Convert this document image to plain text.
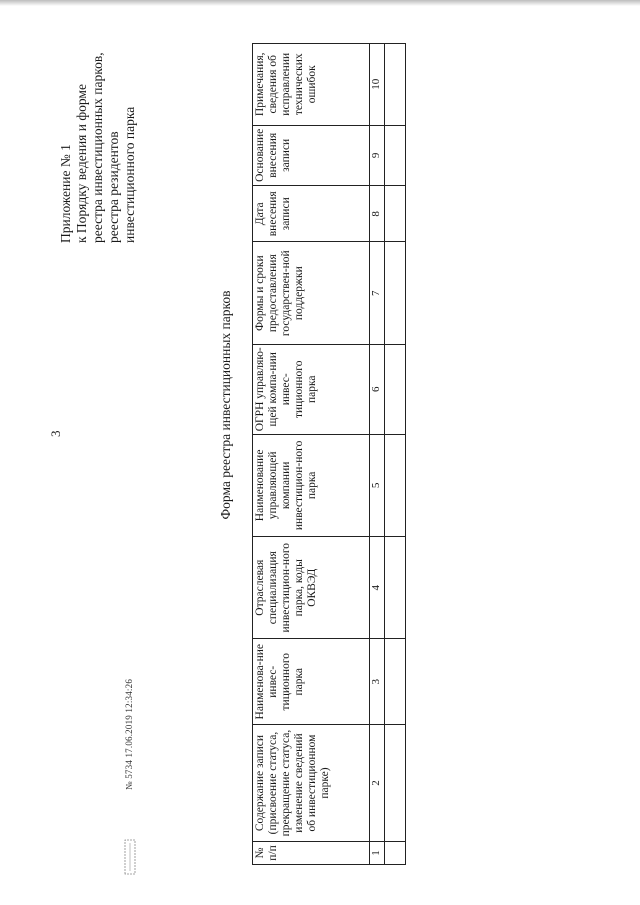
3
Приложение № 1 к Порядку ведения и форме реестра инвестиционных парков, реестра резидентов инвестиционного парка
Форма реестра инвестиционных парков
№ п/п	Содержание записи (присвоение статуса, прекращение статуса, изменение сведений об инвестиционном парке)	Наименова-ние инвес-тиционного парка	Отраслевая специализация инвестицион-ного парка, коды ОКВЭД	Наименование управляющей компании инвестицион-ного парка	ОГРН управляю-щей компа-нии инвес-тиционного парка	Формы и сроки предоставления государствен-ной поддержки	Дата внесения записи	Основание внесения записи	Примечания, сведения об исправлении технических ошибок
1	2	3	4	5	6	7	8	9	10

№ 5734 17.06.2019 12:34:26
